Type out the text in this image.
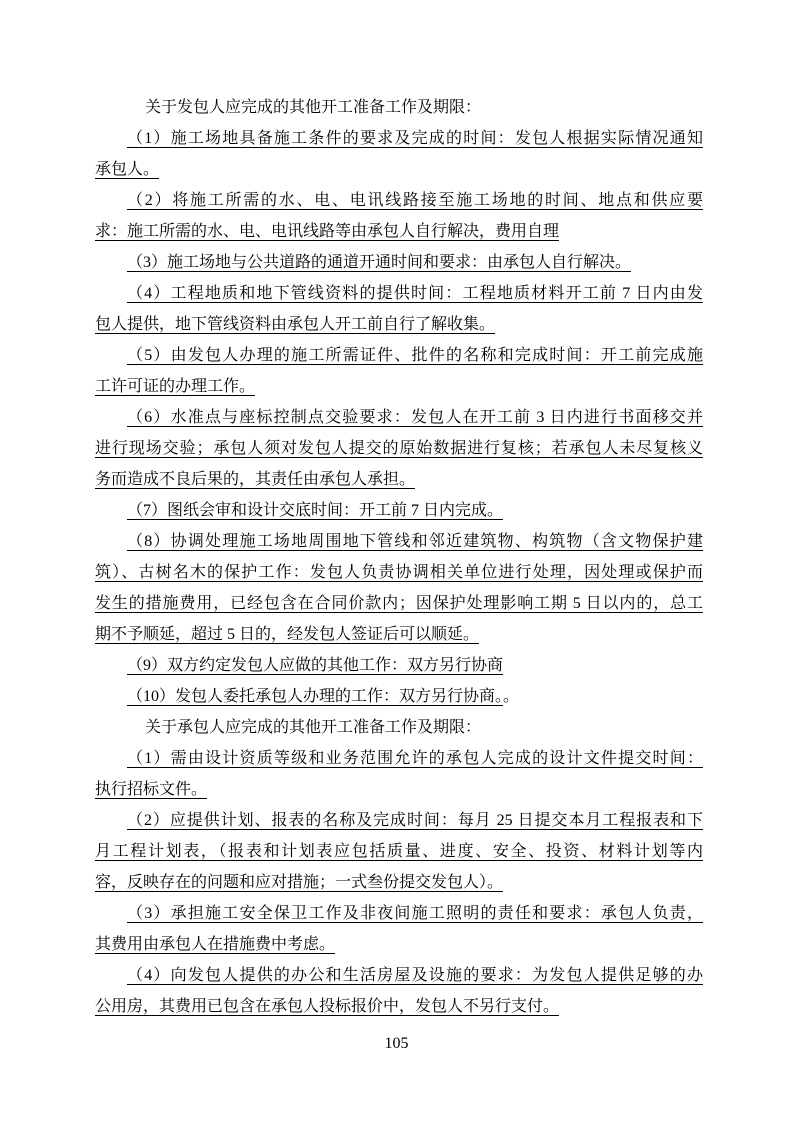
关于发包人应完成的其他开工准备工作及期限：
（1）施工场地具备施工条件的要求及完成的时间：发包人根据实际情况通知
承包人。
（2）将施工所需的水、电、电讯线路接至施工场地的时间、地点和供应要
求：施工所需的水、电、电讯线路等由承包人自行解决，费用自理
（3）施工场地与公共道路的通道开通时间和要求：由承包人自行解决。
（4）工程地质和地下管线资料的提供时间：工程地质材料开工前 7 日内由发
包人提供，地下管线资料由承包人开工前自行了解收集。
（5）由发包人办理的施工所需证件、批件的名称和完成时间：开工前完成施
工许可证的办理工作。
（6）水准点与座标控制点交验要求：发包人在开工前 3 日内进行书面移交并
进行现场交验；承包人须对发包人提交的原始数据进行复核；若承包人未尽复核义
务而造成不良后果的，其责任由承包人承担。
（7）图纸会审和设计交底时间：开工前 7 日内完成。
（8）协调处理施工场地周围地下管线和邻近建筑物、构筑物（含文物保护建
筑）、古树名木的保护工作：发包人负责协调相关单位进行处理，因处理或保护而
发生的措施费用，已经包含在合同价款内；因保护处理影响工期 5 日以内的，总工
期不予顺延，超过 5 日的，经发包人签证后可以顺延。
（9）双方约定发包人应做的其他工作：双方另行协商
（10）发包人委托承包人办理的工作：双方另行协商。。
关于承包人应完成的其他开工准备工作及期限：
（1）需由设计资质等级和业务范围允许的承包人完成的设计文件提交时间：
执行招标文件。
（2）应提供计划、报表的名称及完成时间：每月 25 日提交本月工程报表和下
月工程计划表，（报表和计划表应包括质量、进度、安全、投资、材料计划等内
容，反映存在的问题和应对措施；一式叁份提交发包人）。
（3）承担施工安全保卫工作及非夜间施工照明的责任和要求：承包人负责，
其费用由承包人在措施费中考虑。
（4）向发包人提供的办公和生活房屋及设施的要求：为发包人提供足够的办
公用房，其费用已包含在承包人投标报价中，发包人不另行支付。
105
